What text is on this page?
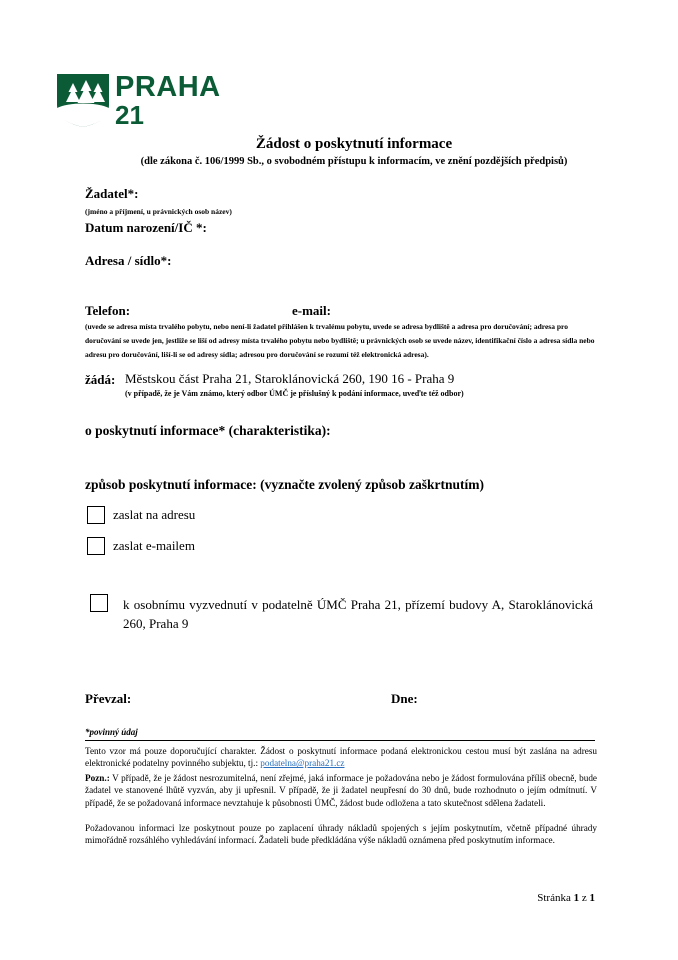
PRAHA
21
Žádost o poskytnutí informace
(dle zákona č. 106/1999 Sb., o svobodném přístupu k informacím, ve znění pozdějších předpisů)
Žadatel*:
(jméno a příjmení, u právnických osob název)
Datum narození/IČ *:
Adresa / sídlo*:
Telefon:	e-mail:
(uvede se adresa místa trvalého pobytu, nebo není-li žadatel přihlášen k trvalému pobytu, uvede se adresa bydliště a adresa pro doručování; adresa pro doručování se uvede jen, jestliže se liší od adresy místa trvalého pobytu nebo bydliště; u právnických osob se uvede název, identifikační číslo a adresa sídla nebo adresu pro doručování, liší-li se od adresy sídla; adresou pro doručování se rozumí též elektronická adresa).
žádá: Městskou část Praha 21, Staroklánovická 260, 190 16 - Praha 9
(v případě, že je Vám známo, který odbor ÚMČ je příslušný k podání informace, uveďte též odbor)
o poskytnutí informace* (charakteristika):
způsob poskytnutí informace: (vyznačte zvolený způsob zaškrtnutím)
zaslat na adresu
zaslat e-mailem
k osobnímu vyzvednutí v podatelně ÚMČ Praha 21, přízemí budovy A, Staroklánovická 260, Praha 9
Převzal:	Dne:
*povinný údaj
Tento vzor má pouze doporučující charakter. Žádost o poskytnutí informace podaná elektronickou cestou musí být zaslána na adresu elektronické podatelny povinného subjektu, tj.: podatelna@praha21.cz
Pozn.: V případě, že je žádost nesrozumitelná, není zřejmé, jaká informace je požadována nebo je žádost formulována příliš obecně, bude žadatel ve stanovené lhůtě vyzván, aby ji upřesnil. V případě, že ji žadatel neupřesní do 30 dnů, bude rozhodnuto o jejím odmítnutí. V případě, že se požadovaná informace nevztahuje k působnosti ÚMČ, žádost bude odložena a tato skutečnost sdělena žadateli.
Požadovanou informaci lze poskytnout pouze po zaplacení úhrady nákladů spojených s jejím poskytnutím, včetně případné úhrady mimořádně rozsáhlého vyhledávání informací. Žadateli bude předkládána výše nákladů oznámena před poskytnutím informace.
Stránka 1 z 1
